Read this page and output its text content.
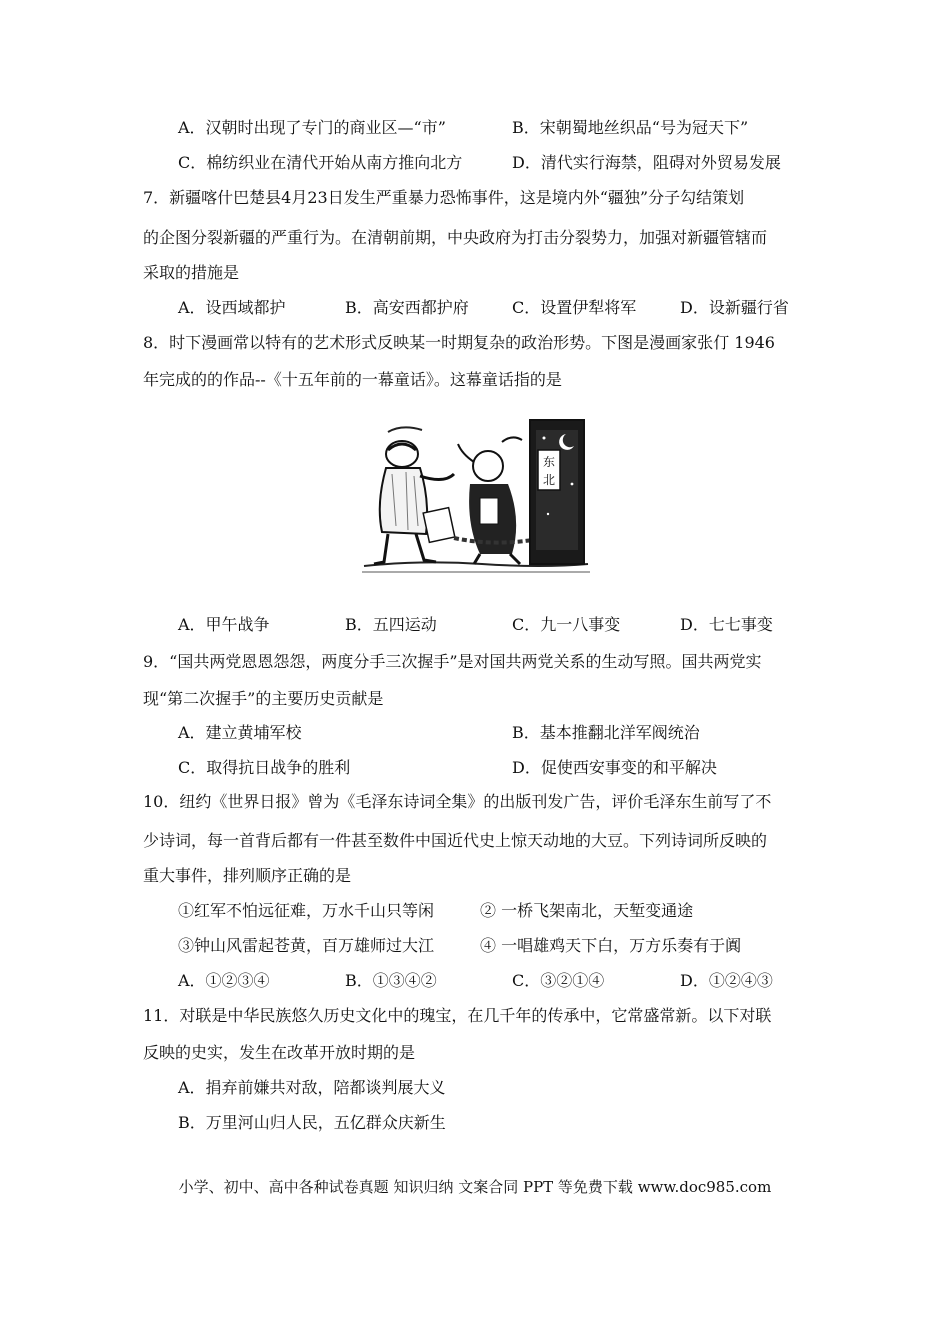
A．汉朝时出现了专门的商业区—“市”	B．宋朝蜀地丝织品“号为冠天下”
C．棉纺织业在清代开始从南方推向北方	D．清代实行海禁，阻碍对外贸易发展
7．新疆喀什巴楚县4月23日发生严重暴力恐怖事件，这是境内外“疆独”分子勾结策划
的企图分裂新疆的严重行为。在清朝前期，中央政府为打击分裂势力，加强对新疆管辖而
采取的措施是
A．设西域都护	B．高安西都护府	C．设置伊犁将军	D．设新疆行省
8．时下漫画常以特有的艺术形式反映某一时期复杂的政治形势。下图是漫画家张仃 1946
年完成的的作品--《十五年前的一幕童话》。这幕童话指的是
东
北
A．甲午战争	B．五四运动	C．九一八事变	D．七七事变
9．“国共两党恩恩怨怨，两度分手三次握手”是对国共两党关系的生动写照。国共两党实
现“第二次握手”的主要历史贡献是
A．建立黄埔军校	B．基本推翻北洋军阀统治
C．取得抗日战争的胜利	D．促使西安事变的和平解决
10．纽约《世界日报》曾为《毛泽东诗词全集》的出版刊发广告，评价毛泽东生前写了不
少诗词，每一首背后都有一件甚至数件中国近代史上惊天动地的大豆。下列诗词所反映的
重大事件，排列顺序正确的是
①红军不怕远征难，万水千山只等闲	② 一桥飞架南北，天堑变通途
③钟山风雷起苍黄，百万雄师过大江	④ 一唱雄鸡天下白，万方乐奏有于阗
A．①②③④	B．①③④②	C．③②①④	D．①②④③
11．对联是中华民族悠久历史文化中的瑰宝，在几千年的传承中，它常盛常新。以下对联
反映的史实，发生在改革开放时期的是
A．捐弃前嫌共对敌，陪都谈判展大义
B．万里河山归人民，五亿群众庆新生
小学、初中、高中各种试卷真题 知识归纳 文案合同 PPT 等免费下载 www.doc985.com
